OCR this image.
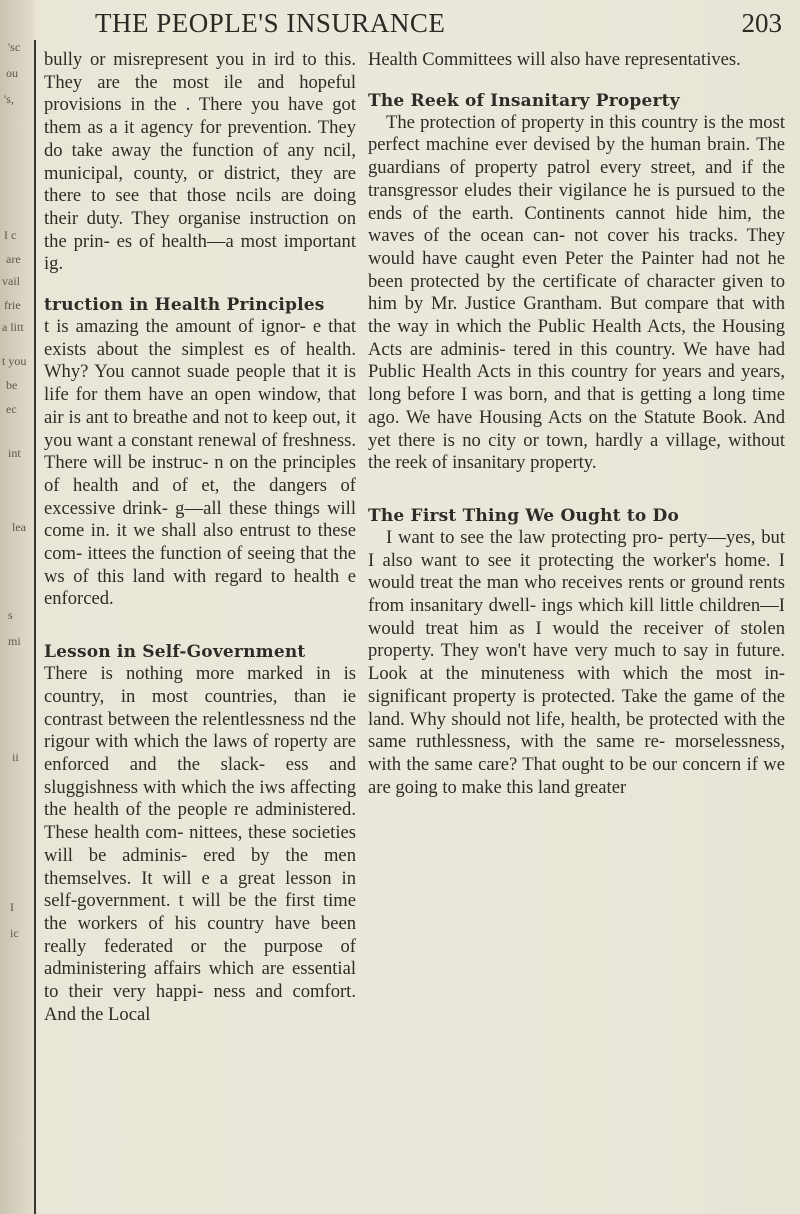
'sc
ou
's,
I c
are
vail
frie
a litt
t you
be
ec
int
lea
s
mi
ii
I
ic
THE PEOPLE'S INSURANCE	203

bully or misrepresent you in ird to this. They are the most ile and hopeful provisions in the . There you have got them as a it agency for prevention. They do take away the function of any ncil, municipal, county, or district, they are there to see that those ncils are doing their duty. They organise instruction on the prin- es of health—a most important ig.

truction in Health Principles

t is amazing the amount of ignor- e that exists about the simplest es of health. Why? You cannot suade people that it is life for them have an open window, that air is ant to breathe and not to keep out, it you want a constant renewal of freshness. There will be instruc- n on the principles of health and of et, the dangers of excessive drink- g—all these things will come in. it we shall also entrust to these com- ittees the function of seeing that the ws of this land with regard to health e enforced.

Lesson in Self-Government

There is nothing more marked in is country, in most countries, than ie contrast between the relentlessness nd the rigour with which the laws of roperty are enforced and the slack- ess and sluggishness with which the iws affecting the health of the people re administered. These health com- nittees, these societies will be adminis- ered by the men themselves. It will e a great lesson in self-government. t will be the first time the workers of his country have been really federated or the purpose of administering affairs which are essential to their very happi- ness and comfort. And the Local

Health Committees will also have representatives.

The Reek of Insanitary Property

The protection of property in this country is the most perfect machine ever devised by the human brain. The guardians of property patrol every street, and if the transgressor eludes their vigilance he is pursued to the ends of the earth. Continents cannot hide him, the waves of the ocean can- not cover his tracks. They would have caught even Peter the Painter had not he been protected by the certificate of character given to him by Mr. Justice Grantham. But compare that with the way in which the Public Health Acts, the Housing Acts are adminis- tered in this country. We have had Public Health Acts in this country for years and years, long before I was born, and that is getting a long time ago. We have Housing Acts on the Statute Book. And yet there is no city or town, hardly a village, without the reek of insanitary property.

The First Thing We Ought to Do

I want to see the law protecting pro- perty—yes, but I also want to see it protecting the worker's home. I would treat the man who receives rents or ground rents from insanitary dwell- ings which kill little children—I would treat him as I would the receiver of stolen property. They won't have very much to say in future. Look at the minuteness with which the most in- significant property is protected. Take the game of the land. Why should not life, health, be protected with the same ruthlessness, with the same re- morselessness, with the same care? That ought to be our concern if we are going to make this land greater
